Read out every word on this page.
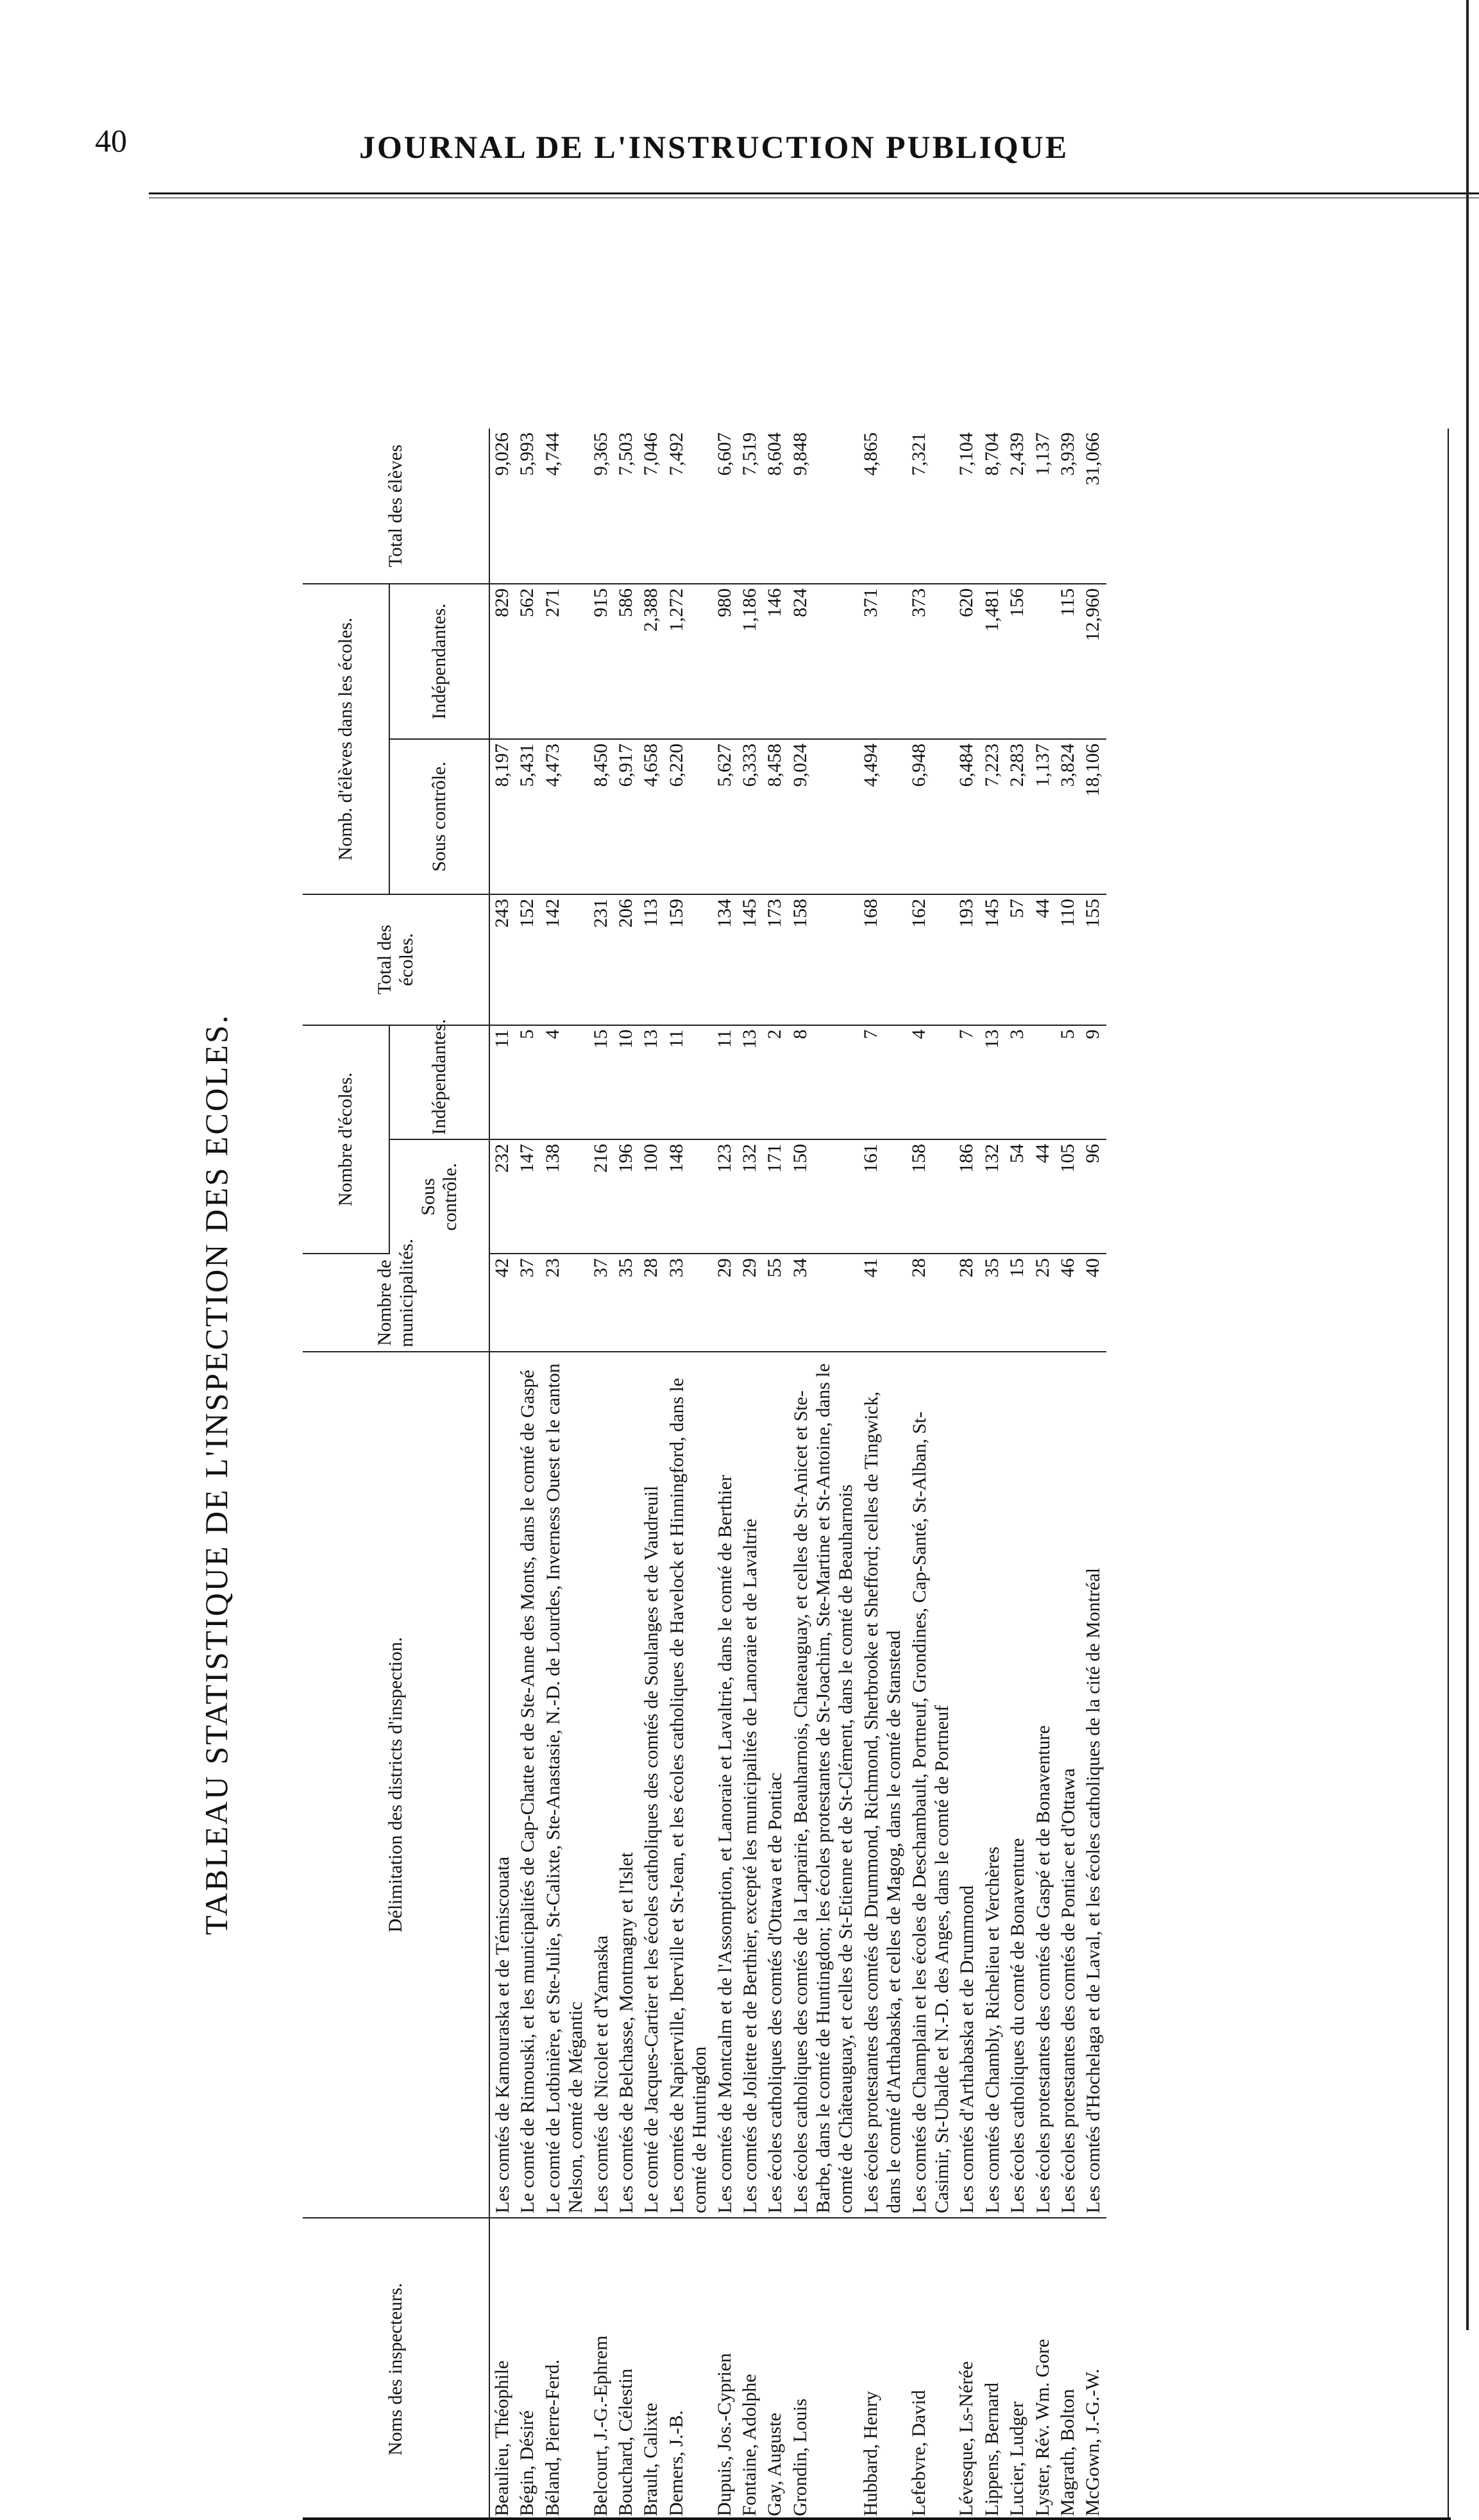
40	JOURNAL DE L'INSTRUCTION PUBLIQUE
TABLEAU STATISTIQUE DE L'INSPECTION DES ECOLES.
Noms des inspecteurs.	Délimitation des districts d'inspection.	Nombre de municipalités.	Nombre d'écoles.		Total des écoles.	Nomb. d'élèves dans les écoles.		Total des élèves
			Sous contrôle.	Indépendantes.		Sous contrôle.	Indépendantes.	
Beaulieu, Théophile	Les comtés de Kamouraska et de Témiscouata	42	232	11	243	8,197	829	9,026
Bégin, Désiré	Le comté de Rimouski, et les municipalités de Cap-Chatte et de Ste-Anne des Monts, dans le comté de Gaspé	37	147	5	152	5,431	562	5,993
Béland, Pierre-Ferd.	Le comté de Lotbinière, et Ste-Julie, St-Calixte, Ste-Anastasie, N.-D. de Lourdes, Inverness Ouest et le canton Nelson, comté de Mégantic	23	138	4	142	4,473	271	4,744
Belcourt, J.-G.-Ephrem	Les comtés de Nicolet et d'Yamaska	37	216	15	231	8,450	915	9,365
Bouchard, Célestin	Les comtés de Belchasse, Montmagny et l'Islet	35	196	10	206	6,917	586	7,503
Brault, Calixte	Le comté de Jacques-Cartier et les écoles catholiques des comtés de Soulanges et de Vaudreuil	28	100	13	113	4,658	2,388	7,046
Demers, J.-B.	Les comtés de Napierville, Iberville et St-Jean, et les écoles catholiques de Havelock et Hinningford, dans le comté de Huntingdon	33	148	11	159	6,220	1,272	7,492
Dupuis, Jos.-Cyprien	Les comtés de Montcalm et de l'Assomption, et Lanoraie et Lavaltrie, dans le comté de Berthier	29	123	11	134	5,627	980	6,607
Fontaine, Adolphe	Les comtés de Joliette et de Berthier, excepté les municipalités de Lanoraie et de Lavaltrie	29	132	13	145	6,333	1,186	7,519
Gay, Auguste	Les écoles catholiques des comtés d'Ottawa et de Pontiac	55	171	2	173	8,458	146	8,604
Grondin, Louis	Les écoles catholiques des comtés de la Laprairie, Beauharnois, Chateauguay, et celles de St-Anicet et Ste-Barbe, dans le comté de Huntingdon; les écoles protestantes de St-Joachim, Ste-Martine et St-Antoine, dans le comté de Châteauguay, et celles de St-Etienne et de St-Clément, dans le comté de Beauharnois	34	150	8	158	9,024	824	9,848
Hubbard, Henry	Les écoles protestantes des comtés de Drummond, Richmond, Sherbrooke et Shefford; celles de Tingwick, dans le comté d'Arthabaska, et celles de Magog, dans le comté de Stanstead	41	161	7	168	4,494	371	4,865
Lefebvre, David	Les comtés de Champlain et les écoles de Deschambault, Portneuf, Grondines, Cap-Santé, St-Alban, St-Casimir, St-Ubalde et N.-D. des Anges, dans le comté de Portneuf	28	158	4	162	6,948	373	7,321
Lévesque, Ls-Nérée	Les comtés d'Arthabaska et de Drummond	28	186	7	193	6,484	620	7,104
Lippens, Bernard	Les comtés de Chambly, Richelieu et Verchères	35	132	13	145	7,223	1,481	8,704
Lucier, Ludger	Les écoles catholiques du comté de Bonaventure	15	54	3	57	2,283	156	2,439
Lyster, Rév. Wm. Gore	Les écoles protestantes des comtés de Gaspé et de Bonaventure	25	44		44	1,137		1,137
Magrath, Bolton	Les écoles protestantes des comtés de Pontiac et d'Ottawa	46	105	5	110	3,824	115	3,939
McGown, J.-G.-W.	Les comtés d'Hochelaga et de Laval, et les écoles catholiques de la cité de Montréal	40	96	9	155	18,106	12,960	31,066
